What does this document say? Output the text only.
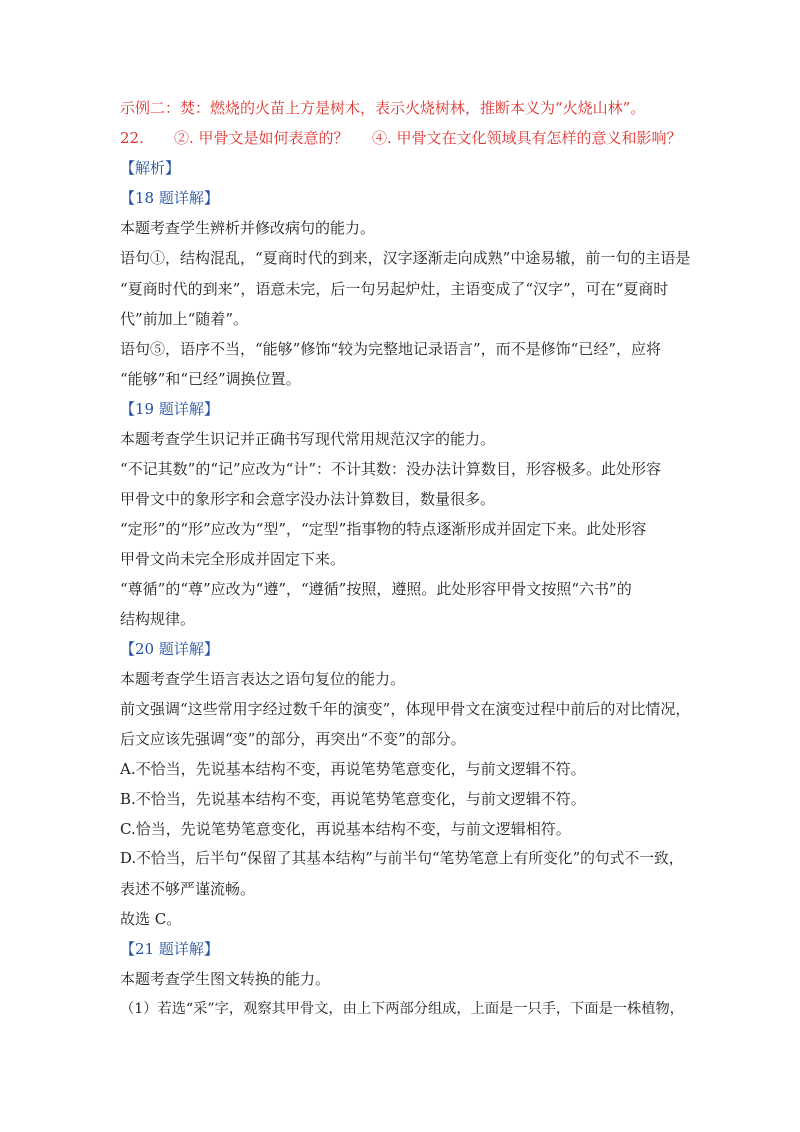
示例二：焚：燃烧的火苗上方是树木，表示火烧树林，推断本义为“火烧山林”。
22. ②. 甲骨文是如何表意的？ ④. 甲骨文在文化领域具有怎样的意义和影响？
【解析】
【18 题详解】
本题考查学生辨析并修改病句的能力。
语句①，结构混乱，“夏商时代的到来，汉字逐渐走向成熟”中途易辙，前一句的主语是
“夏商时代的到来”，语意未完，后一句另起炉灶，主语变成了“汉字”，可在“夏商时
代”前加上“随着”。
语句⑤，语序不当，“能够”修饰“较为完整地记录语言”，而不是修饰“已经”，应将
“能够”和“已经”调换位置。
【19 题详解】
本题考查学生识记并正确书写现代常用规范汉字的能力。
“不记其数”的“记”应改为“计”：不计其数：没办法计算数目，形容极多。此处形容
甲骨文中的象形字和会意字没办法计算数目，数量很多。
“定形”的“形”应改为“型”，“定型”指事物的特点逐渐形成并固定下来。此处形容
甲骨文尚未完全形成并固定下来。
“尊循”的“尊”应改为“遵”，“遵循”按照，遵照。此处形容甲骨文按照“六书”的
结构规律。
【20 题详解】
本题考查学生语言表达之语句复位的能力。
前文强调“这些常用字经过数千年的演变”，体现甲骨文在演变过程中前后的对比情况，
后文应该先强调“变”的部分，再突出“不变”的部分。
A.不恰当，先说基本结构不变，再说笔势笔意变化，与前文逻辑不符。
B.不恰当，先说基本结构不变，再说笔势笔意变化，与前文逻辑不符。
C.恰当，先说笔势笔意变化，再说基本结构不变，与前文逻辑相符。
D.不恰当，后半句“保留了其基本结构”与前半句“笔势笔意上有所变化”的句式不一致，
表述不够严谨流畅。
故选 C。
【21 题详解】
本题考查学生图文转换的能力。
（1）若选“采”字，观察其甲骨文，由上下两部分组成，上面是一只手，下面是一株植物，
